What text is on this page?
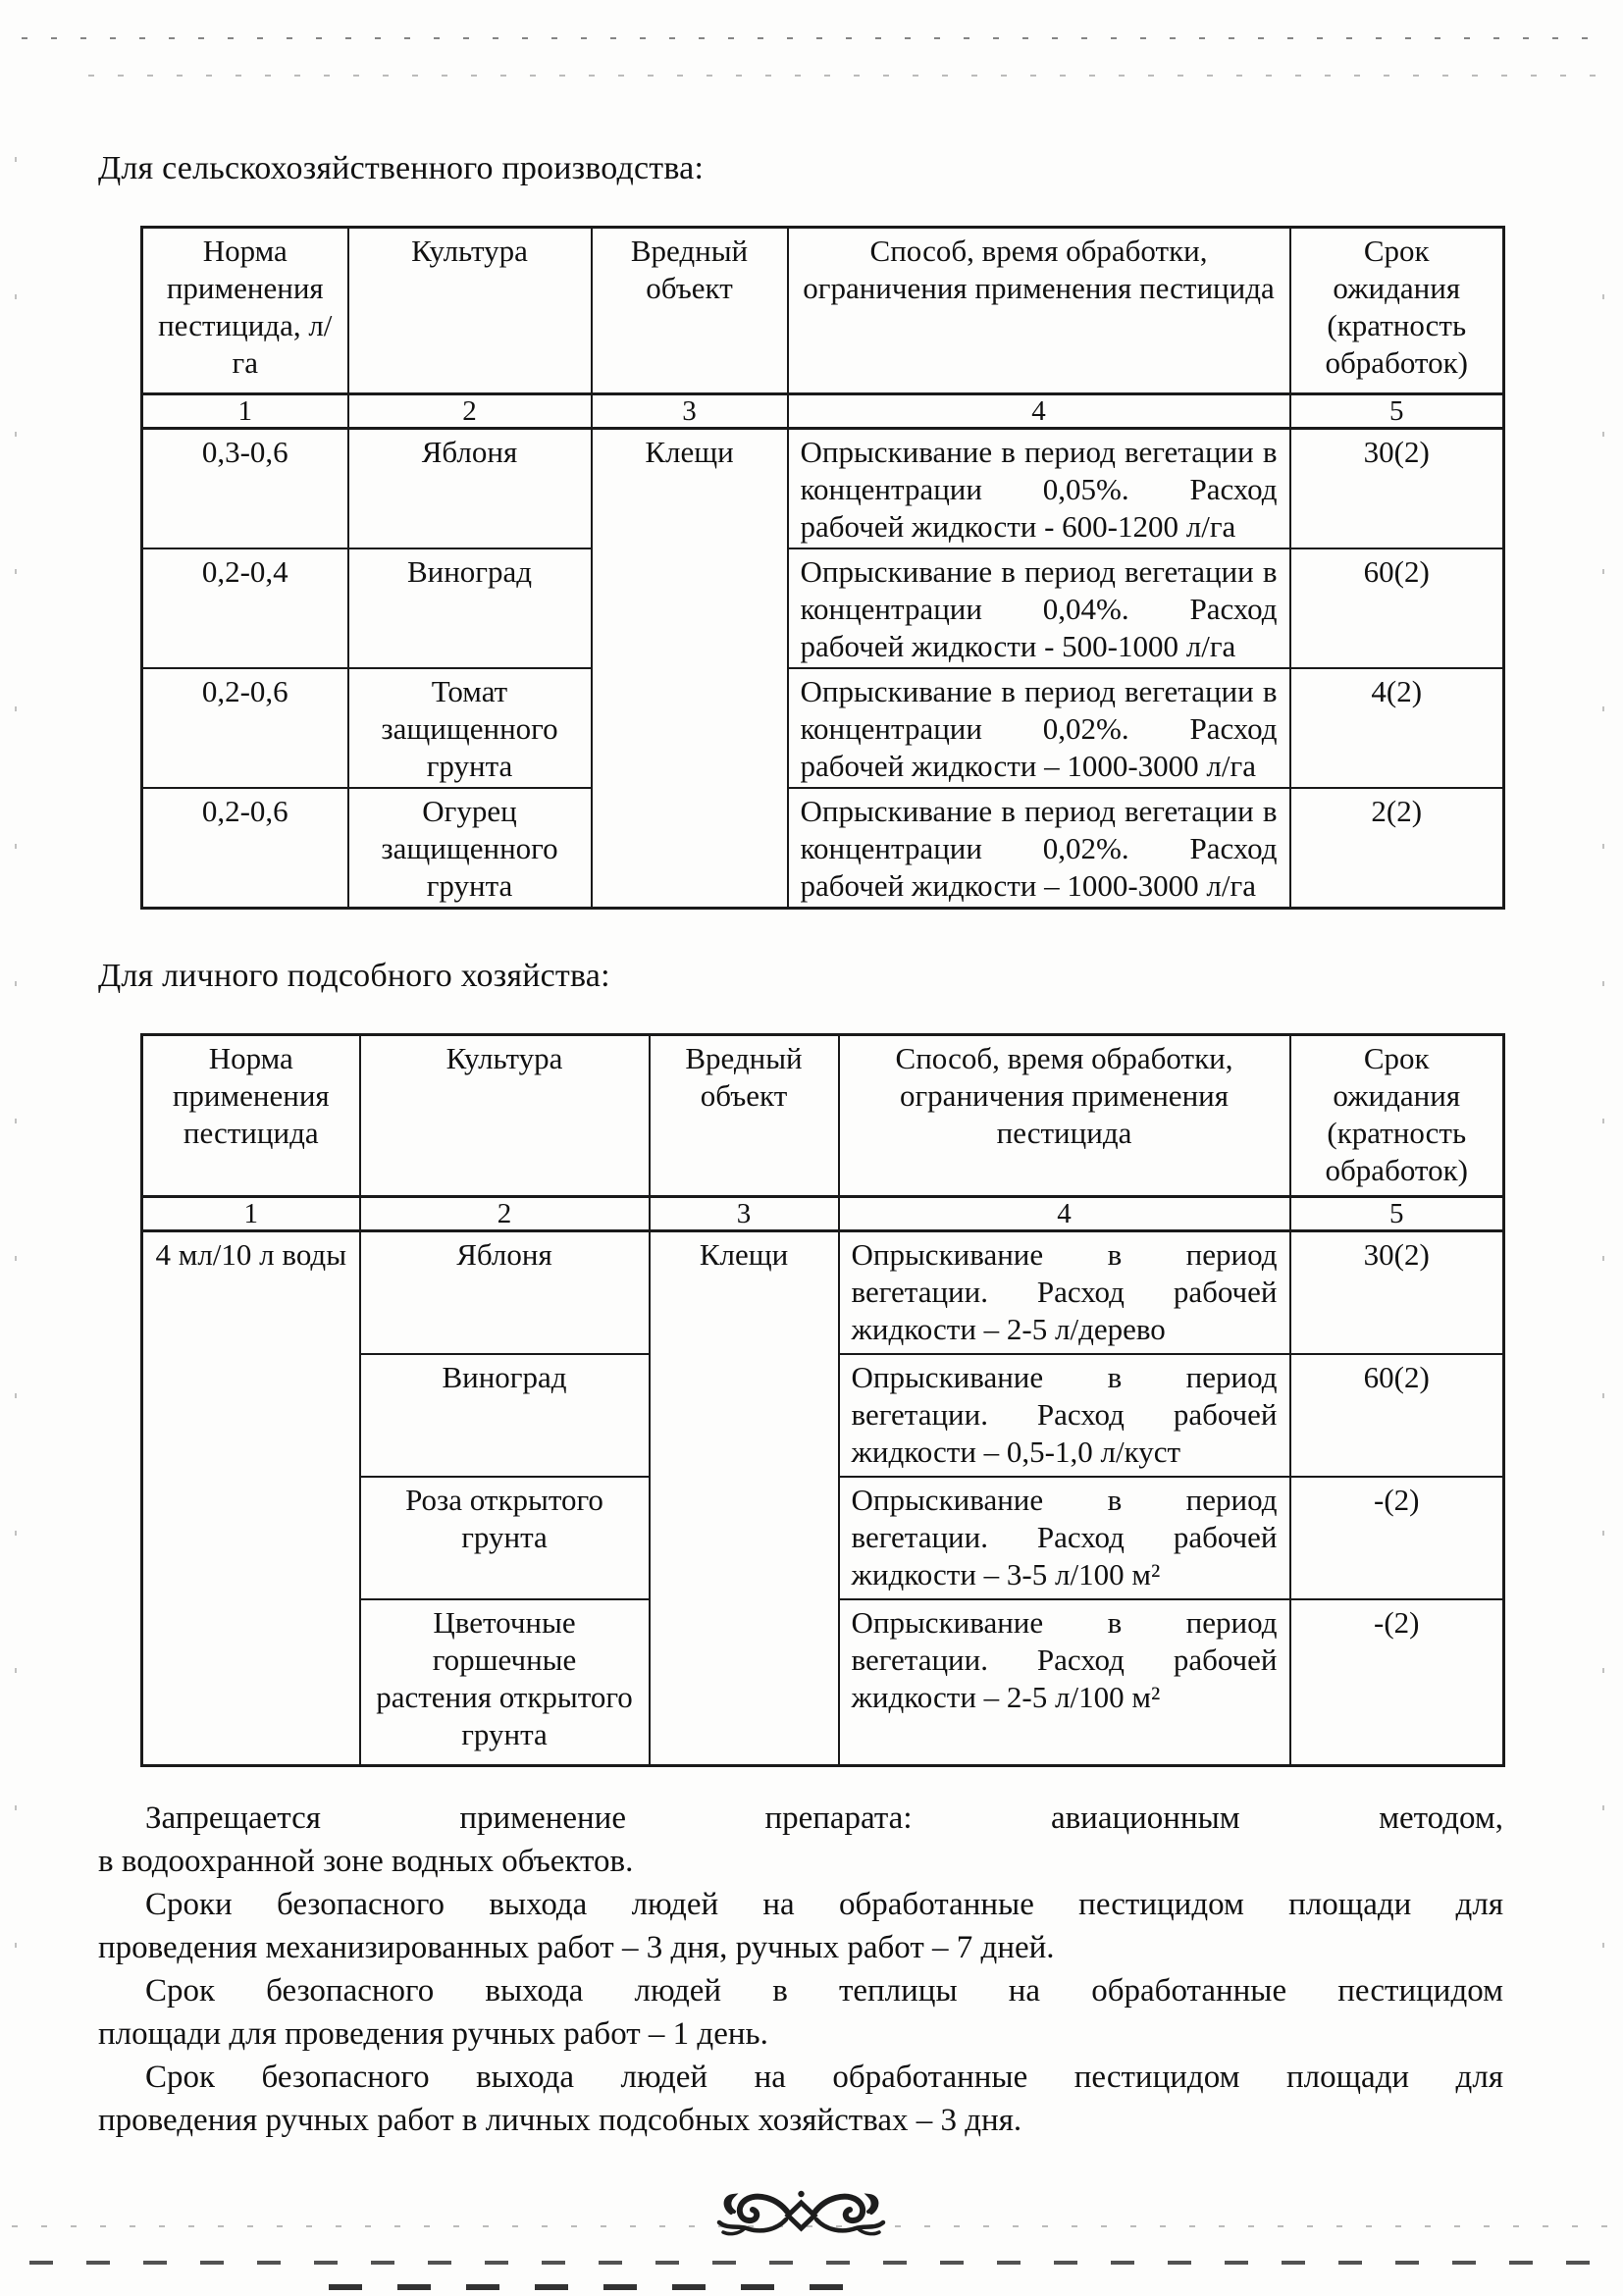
Для сельскохозяйственного производства:
Норма применения пестицида, л/га	Культура	Вредный объект	Способ, время обработки, ограничения применения пестицида	Срок ожидания (кратность обработок)
1	2	3	4	5
0,3-0,6	Яблоня	Клещи	Опрыскивание в период вегетации в концентрации 0,05%. Расход рабочей жидкости - 600-1200 л/га	30(2)
0,2-0,4	Виноград		Опрыскивание в период вегетации в концентрации 0,04%. Расход рабочей жидкости - 500-1000 л/га	60(2)
0,2-0,6	Томат защищенного грунта		Опрыскивание в период вегетации в концентрации 0,02%. Расход рабочей жидкости – 1000-3000 л/га	4(2)
0,2-0,6	Огурец защищенного грунта		Опрыскивание в период вегетации в концентрации 0,02%. Расход рабочей жидкости – 1000-3000 л/га	2(2)
Для личного подсобного хозяйства:
Норма применения пестицида	Культура	Вредный объект	Способ, время обработки, ограничения применения пестицида	Срок ожидания (кратность обработок)
1	2	3	4	5
4 мл/10 л воды	Яблоня	Клещи	Опрыскивание в период вегетации. Расход рабочей жидкости – 2-5 л/дерево	30(2)
	Виноград		Опрыскивание в период вегетации. Расход рабочей жидкости – 0,5-1,0 л/куст	60(2)
	Роза открытого грунта		Опрыскивание в период вегетации. Расход рабочей жидкости – 3-5 л/100 м²	-(2)
	Цветочные горшечные растения открытого грунта		Опрыскивание в период вегетации. Расход рабочей жидкости – 2-5 л/100 м²	-(2)
Запрещается применение препарата: авиационным методом,
в водоохранной зоне водных объектов.
Сроки безопасного выхода людей на обработанные пестицидом площади для
проведения механизированных работ – 3 дня, ручных работ – 7 дней.
Срок безопасного выхода людей в теплицы на обработанные пестицидом
площади для проведения ручных работ – 1 день.
Срок безопасного выхода людей на обработанные пестицидом площади для
проведения ручных работ в личных подсобных хозяйствах – 3 дня.
